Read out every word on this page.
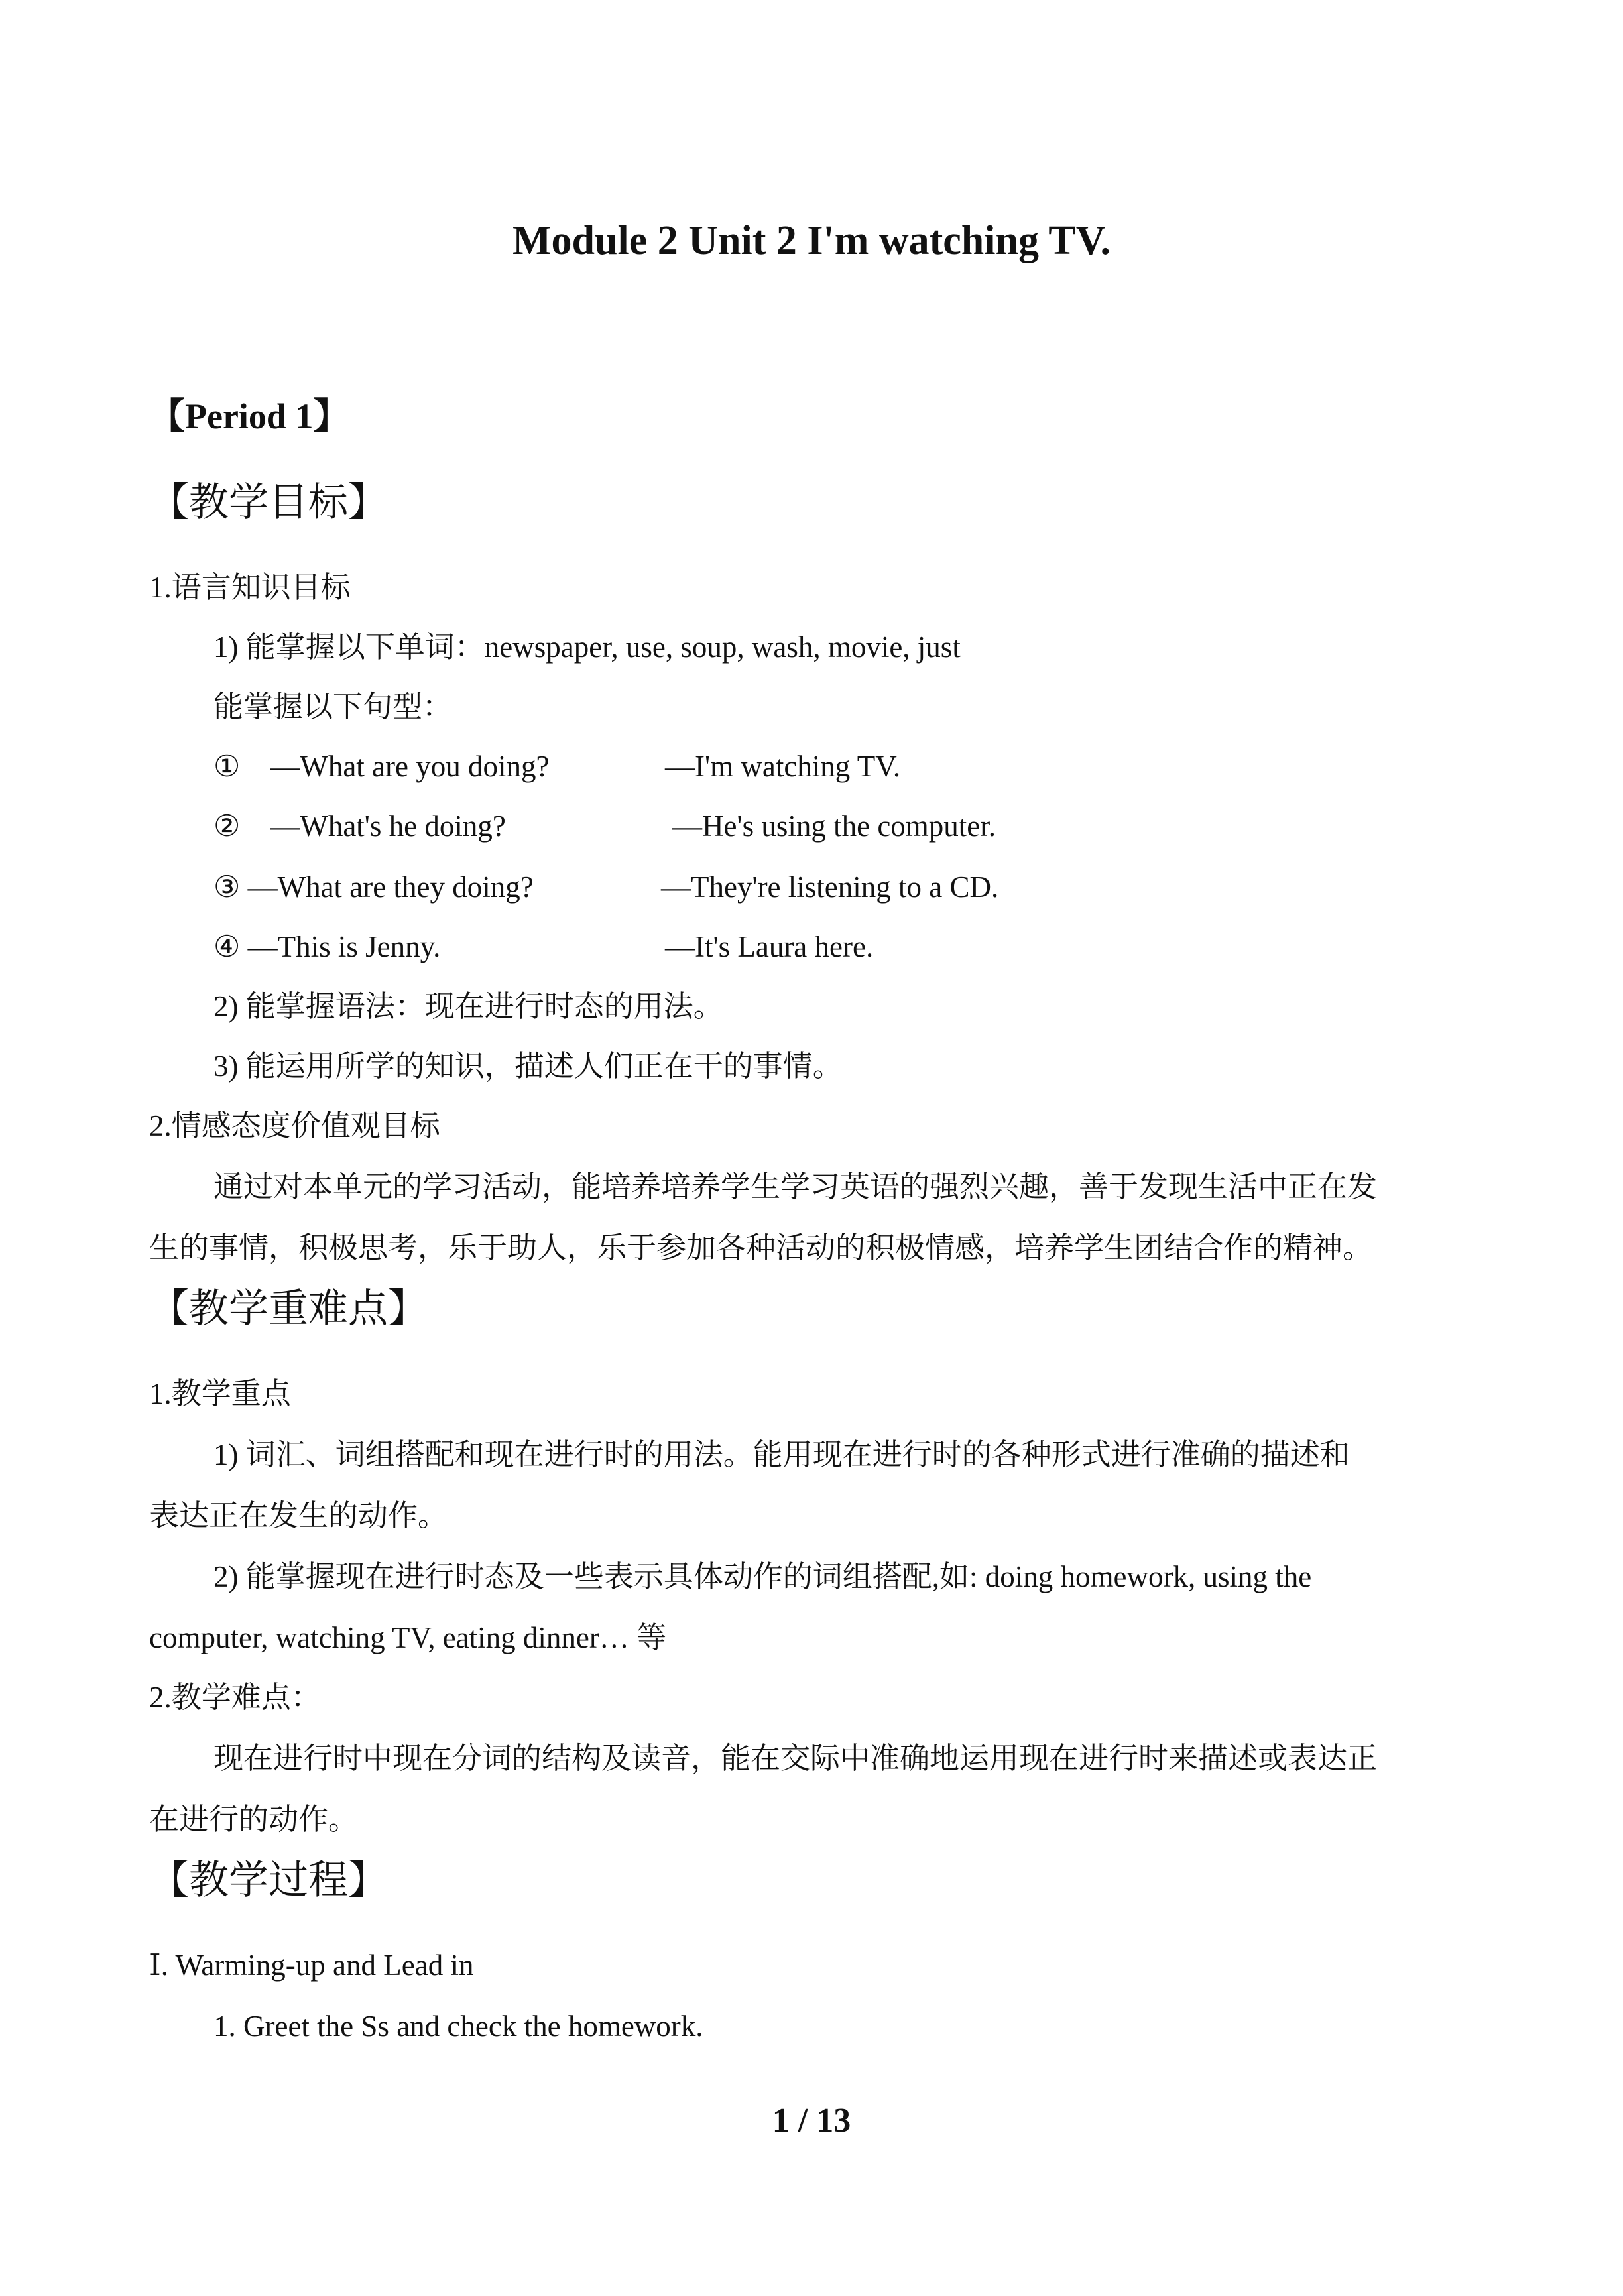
Module 2 Unit 2 I'm watching TV.
【Period 1】
【教学目标】
1.语言知识目标
1) 能掌握以下单词：newspaper, use, soup, wash, movie, just
能掌握以下句型：
①　—What are you doing?	—I'm watching TV.
②　—What's he doing?	—He's using the computer.
③ —What are they doing?	—They're listening to a CD.
④ —This is Jenny.	—It's Laura here.
2) 能掌握语法：现在进行时态的用法。
3) 能运用所学的知识，描述人们正在干的事情。
2.情感态度价值观目标
通过对本单元的学习活动，能培养培养学生学习英语的强烈兴趣，善于发现生活中正在发
生的事情，积极思考，乐于助人，乐于参加各种活动的积极情感，培养学生团结合作的精神。
【教学重难点】
1.教学重点
1) 词汇、词组搭配和现在进行时的用法。能用现在进行时的各种形式进行准确的描述和
表达正在发生的动作。
2) 能掌握现在进行时态及一些表示具体动作的词组搭配,如: doing homework, using the
computer, watching TV, eating dinner… 等
2.教学难点：
现在进行时中现在分词的结构及读音，能在交际中准确地运用现在进行时来描述或表达正
在进行的动作。
【教学过程】
Ⅰ. Warming-up and Lead in
1. Greet the Ss and check the homework.
1 / 13
